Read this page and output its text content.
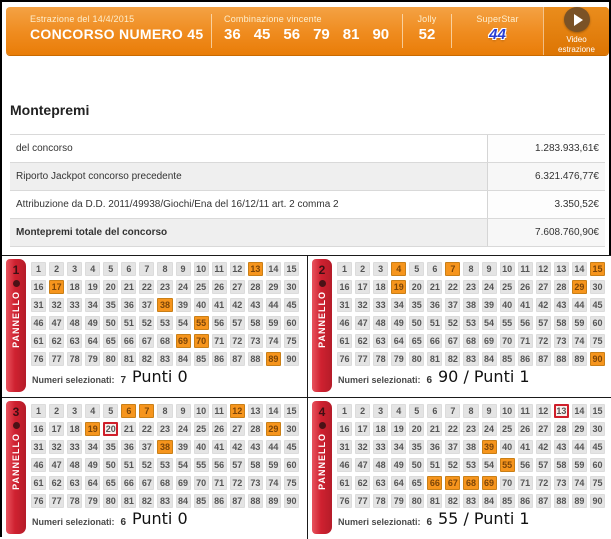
Estrazione del 14/4/2015
CONCORSO NUMERO 45
Combinazione vincente
36 45 56 79 81 90
Jolly
52
SuperStar
44	Video estrazione
Montepremi
del concorso	1.283.933,61€
Riporto Jackpot concorso precedente	6.321.476,77€
Attribuzione da D.D. 2011/49938/Giochi/Ena del 16/12/11 art. 2 comma 2	3.350,52€
Montepremi totale del concorso	7.608.760,90€
1
PANNELLO
1	2	3	4	5	6	7	8	9	10 11 12 13 14 15
16 17 18 19 20 21 22 23 24 25 26 27 28 29 30
31 32 33 34 35 36 37 38 39 40 41 42 43 44 45
46 47 48 49 50 51 52 53 54 55 56 57 58 59 60
61 62 63 64 65 66 67 68 69 70 71 72 73 74 75
76 77 78 79 80 81 82 83 84 85 86 87 88 89 90
Numeri selezionati: 7 Punti 0
2
PANNELLO
1	2	3	4	5	6	7	8	9	10 11 12 13 14 15
16 17 18 19 20 21 22 23 24 25 26 27 28 29 30
31 32 33 34 35 36 37 38 39 40 41 42 43 44 45
46 47 48 49 50 51 52 53 54 55 56 57 58 59 60
61 62 63 64 65 66 67 68 69 70 71 72 73 74 75
76 77 78 79 80 81 82 83 84 85 86 87 88 89 90
Numeri selezionati: 6 90 / Punti 1
3
PANNELLO
1	2	3	4	5	6	7	8	9	10 11 12 13 14 15
16 17 18 19 20 21 22 23 24 25 26 27 28 29 30
31 32 33 34 35 36 37 38 39 40 41 42 43 44 45
46 47 48 49 50 51 52 53 54 55 56 57 58 59 60
61 62 63 64 65 66 67 68 69 70 71 72 73 74 75
76 77 78 79 80 81 82 83 84 85 86 87 88 89 90
Numeri selezionati: 6 Punti 0
4
PANNELLO
1	2	3	4	5	6	7	8	9	10 11 12 13 14 15
16 17 18 19 20 21 22 23 24 25 26 27 28 29 30
31 32 33 34 35 36 37 38 39 40 41 42 43 44 45
46 47 48 49 50 51 52 53 54 55 56 57 58 59 60
61 62 63 64 65 66 67 68 69 70 71 72 73 74 75
76 77 78 79 80 81 82 83 84 85 86 87 88 89 90
Numeri selezionati: 6 55 / Punti 1
